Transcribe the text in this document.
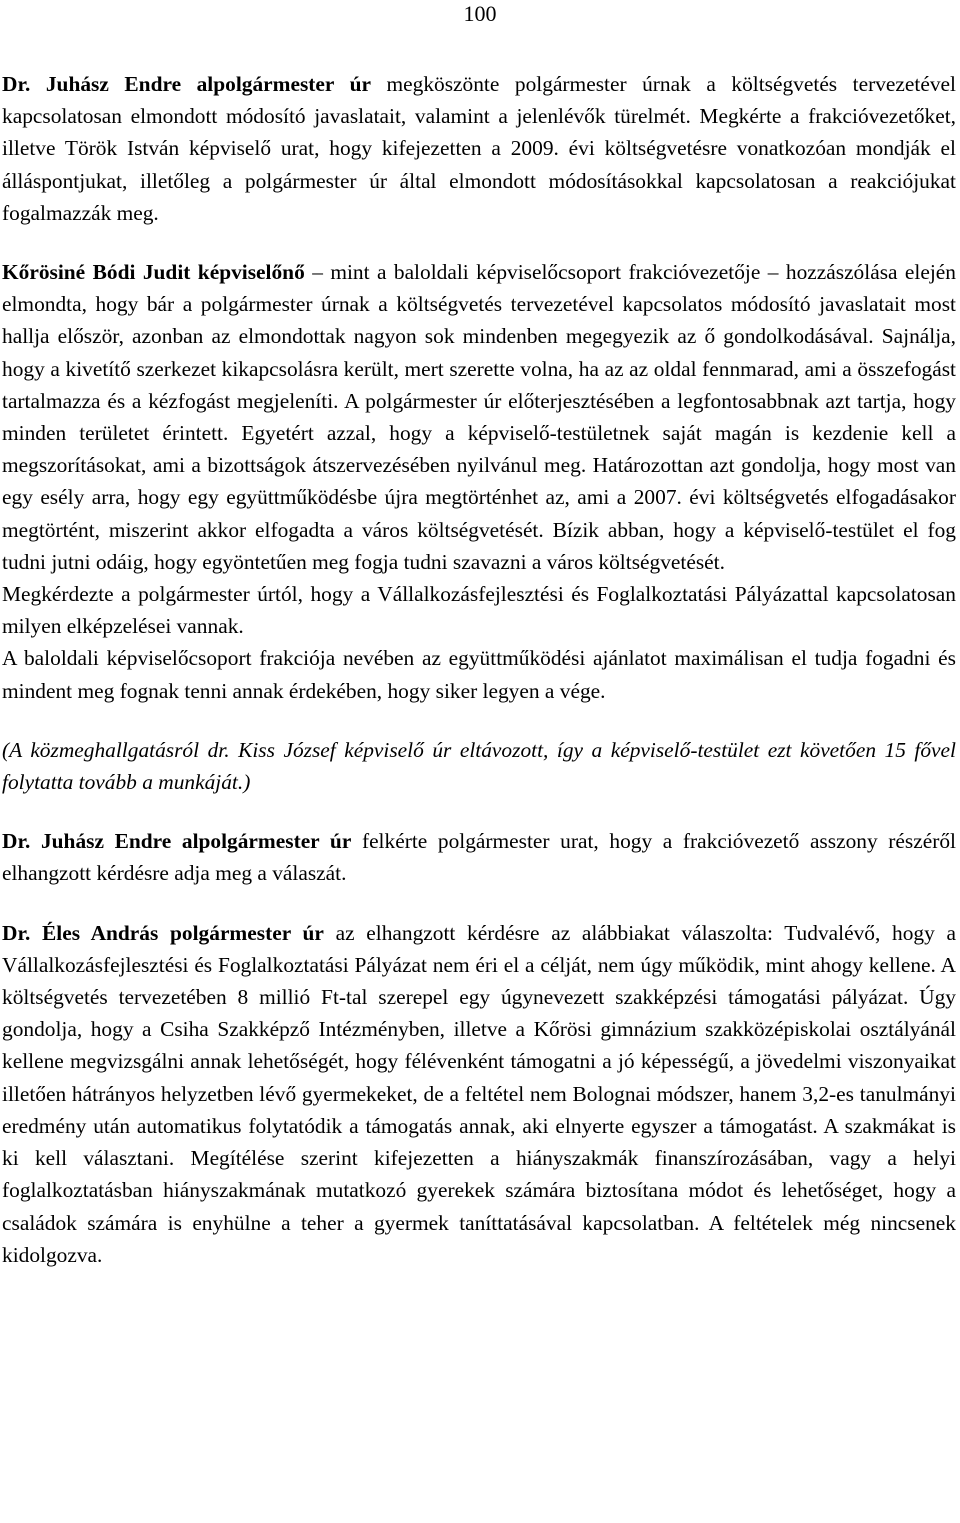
100

Dr. Juhász Endre alpolgármester úr megköszönte polgármester úrnak a költségvetés tervezetével kapcsolatosan elmondott módosító javaslatait, valamint a jelenlévők türelmét. Megkérte a frakcióvezetőket, illetve Török István képviselő urat, hogy kifejezetten a 2009. évi költségvetésre vonatkozóan mondják el álláspontjukat, illetőleg a polgármester úr által elmondott módosításokkal kapcsolatosan a reakciójukat fogalmazzák meg.

Kőrösiné Bódi Judit képviselőnő – mint a baloldali képviselőcsoport frakcióvezetője – hozzászólása elején elmondta, hogy bár a polgármester úrnak a költségvetés tervezetével kapcsolatos módosító javaslatait most hallja először, azonban az elmondottak nagyon sok mindenben megegyezik az ő gondolkodásával. Sajnálja, hogy a kivetítő szerkezet kikapcsolásra került, mert szerette volna, ha az az oldal fennmarad, ami a összefogást tartalmazza és a kézfogást megjeleníti. A polgármester úr előterjesztésében a legfontosabbnak azt tartja, hogy minden területet érintett. Egyetért azzal, hogy a képviselő-testületnek saját magán is kezdenie kell a megszorításokat, ami a bizottságok átszervezésében nyilvánul meg. Határozottan azt gondolja, hogy most van egy esély arra, hogy egy együttműködésbe újra megtörténhet az, ami a 2007. évi költségvetés elfogadásakor megtörtént, miszerint akkor elfogadta a város költségvetését. Bízik abban, hogy a képviselő-testület el fog tudni jutni odáig, hogy egyöntetűen meg fogja tudni szavazni a város költségvetését.

Megkérdezte a polgármester úrtól, hogy a Vállalkozásfejlesztési és Foglalkoztatási Pályázattal kapcsolatosan milyen elképzelései vannak.

A baloldali képviselőcsoport frakciója nevében az együttműködési ajánlatot maximálisan el tudja fogadni és mindent meg fognak tenni annak érdekében, hogy siker legyen a vége.

(A közmeghallgatásról dr. Kiss József képviselő úr eltávozott, így a képviselő-testület ezt követően 15 fővel folytatta tovább a munkáját.)

Dr. Juhász Endre alpolgármester úr felkérte polgármester urat, hogy a frakcióvezető asszony részéről elhangzott kérdésre adja meg a válaszát.

Dr. Éles András polgármester úr az elhangzott kérdésre az alábbiakat válaszolta: Tudvalévő, hogy a Vállalkozásfejlesztési és Foglalkoztatási Pályázat nem éri el a célját, nem úgy működik, mint ahogy kellene. A költségvetés tervezetében 8 millió Ft-tal szerepel egy úgynevezett szakképzési támogatási pályázat. Úgy gondolja, hogy a Csiha Szakképző Intézményben, illetve a Kőrösi gimnázium szakközépiskolai osztályánál kellene megvizsgálni annak lehetőségét, hogy félévenként támogatni a jó képességű, a jövedelmi viszonyaikat illetően hátrányos helyzetben lévő gyermekeket, de a feltétel nem Bolognai módszer, hanem 3,2-es tanulmányi eredmény után automatikus folytatódik a támogatás annak, aki elnyerte egyszer a támogatást. A szakmákat is ki kell választani. Megítélése szerint kifejezetten a hiányszakmák finanszírozásában, vagy a helyi foglalkoztatásban hiányszakmának mutatkozó gyerekek számára biztosítana módot és lehetőséget, hogy a családok számára is enyhülne a teher a gyermek taníttatásával kapcsolatban. A feltételek még nincsenek kidolgozva.
